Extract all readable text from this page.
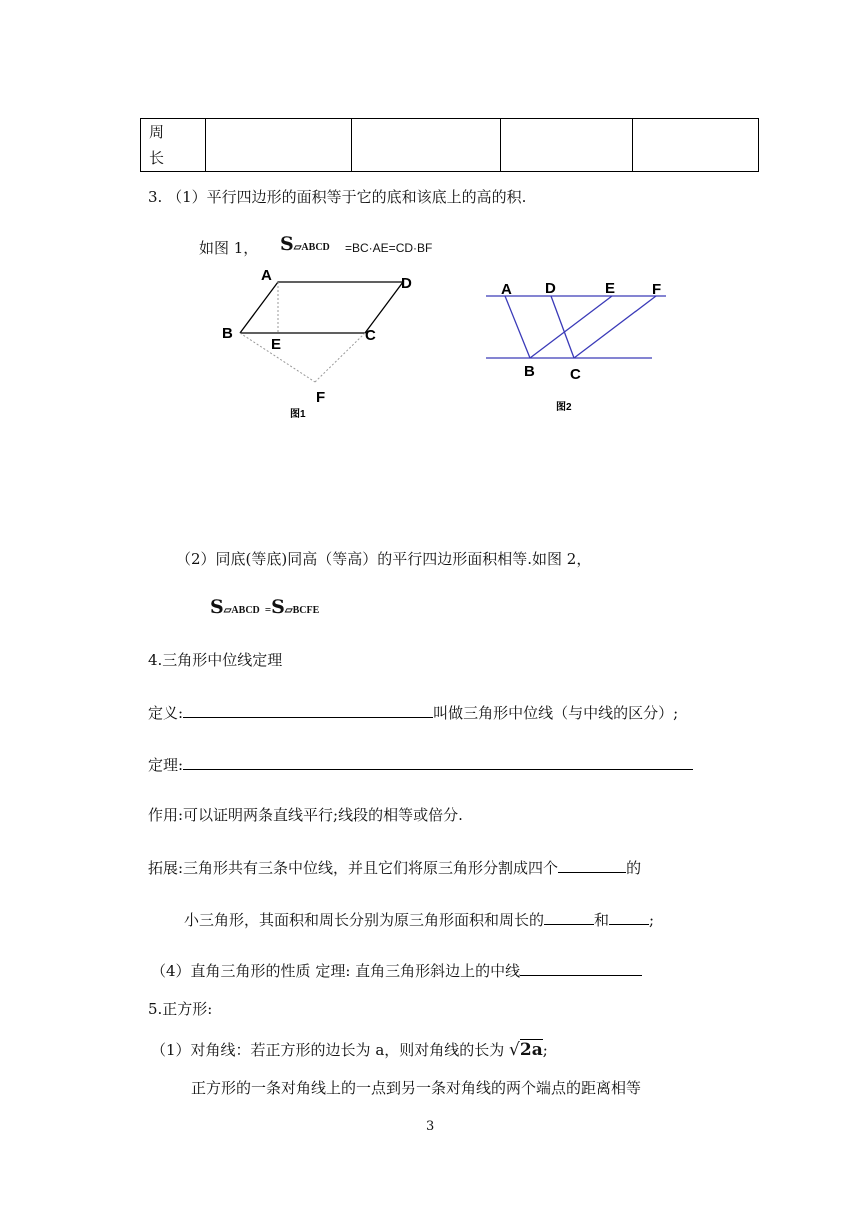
周
长

3. （1）平行四边形的面积等于它的底和该底上的高的积.
如图 1， S▱ABCD =BC·AE=CD·BF
A	D
B	C
E
F
图1
A D	E F
B C
图2
（2）同底(等底)同高（等高）的平行四边形面积相等.如图 2，
S▱ABCD =S▱BCFE
4.三角形中位线定理
定义:	叫做三角形中位线（与中线的区分）;
定理:
作用:可以证明两条直线平行;线段的相等或倍分.
拓展:三角形共有三条中位线，并且它们将原三角形分割成四个	的
小三角形，其面积和周长分别为原三角形面积和周长的	和	;
（4）直角三角形的性质 定理: 直角三角形斜边上的中线
5.正方形:
（1）对角线：若正方形的边长为 a，则对角线的长为 √2a;
正方形的一条对角线上的一点到另一条对角线的两个端点的距离相等
3
